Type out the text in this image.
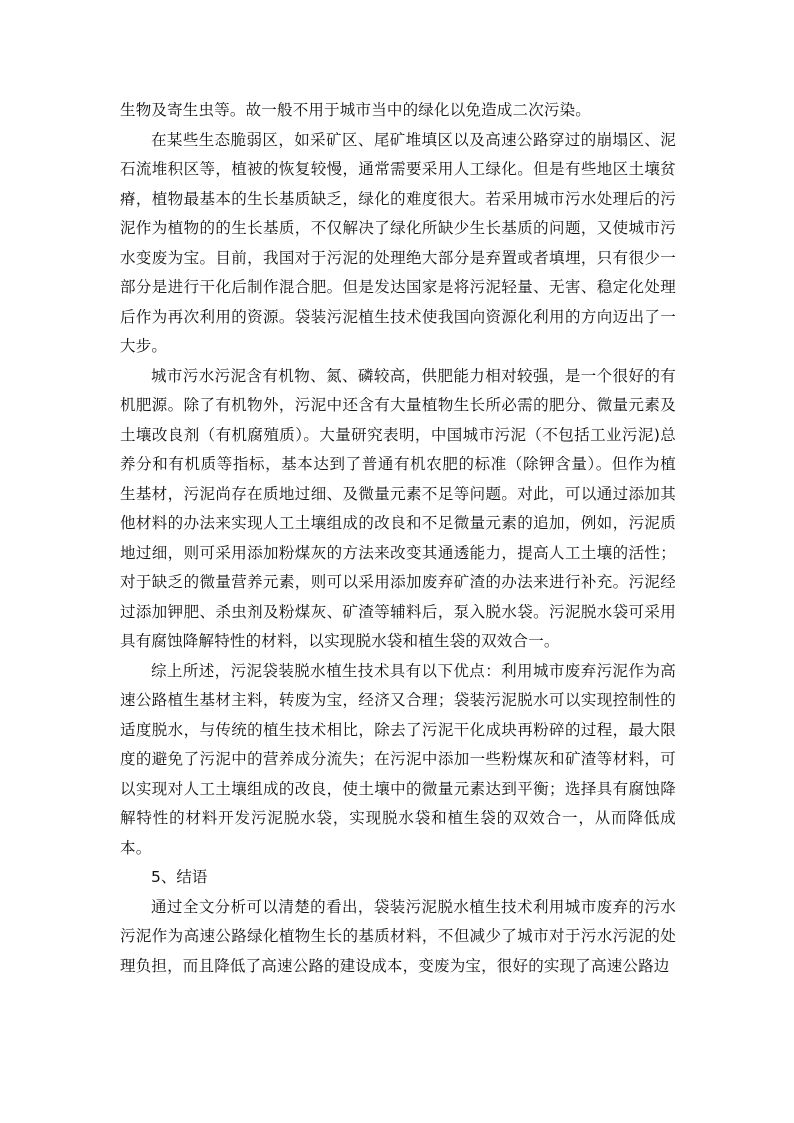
生物及寄生虫等。故一般不用于城市当中的绿化以免造成二次污染。

在某些生态脆弱区，如采矿区、尾矿堆填区以及高速公路穿过的崩塌区、泥石流堆积区等，植被的恢复较慢，通常需要采用人工绿化。但是有些地区土壤贫瘠，植物最基本的生长基质缺乏，绿化的难度很大。若采用城市污水处理后的污泥作为植物的的生长基质，不仅解决了绿化所缺少生长基质的问题，又使城市污水变废为宝。目前，我国对于污泥的处理绝大部分是弃置或者填埋，只有很少一部分是进行干化后制作混合肥。但是发达国家是将污泥轻量、无害、稳定化处理后作为再次利用的资源。袋装污泥植生技术使我国向资源化利用的方向迈出了一大步。

城市污水污泥含有机物、氮、磷较高，供肥能力相对较强，是一个很好的有机肥源。除了有机物外，污泥中还含有大量植物生长所必需的肥分、微量元素及土壤改良剂（有机腐殖质）。大量研究表明，中国城市污泥（不包括工业污泥)总养分和有机质等指标，基本达到了普通有机农肥的标准（除钾含量）。但作为植生基材，污泥尚存在质地过细、及微量元素不足等问题。对此，可以通过添加其他材料的办法来实现人工土壤组成的改良和不足微量元素的追加，例如，污泥质地过细，则可采用添加粉煤灰的方法来改变其通透能力，提高人工土壤的活性；对于缺乏的微量营养元素，则可以采用添加废弃矿渣的办法来进行补充。污泥经过添加钾肥、杀虫剂及粉煤灰、矿渣等辅料后，泵入脱水袋。污泥脱水袋可采用具有腐蚀降解特性的材料，以实现脱水袋和植生袋的双效合一。

综上所述，污泥袋装脱水植生技术具有以下优点：利用城市废弃污泥作为高速公路植生基材主料，转废为宝，经济又合理；袋装污泥脱水可以实现控制性的适度脱水，与传统的植生技术相比，除去了污泥干化成块再粉碎的过程，最大限度的避免了污泥中的营养成分流失；在污泥中添加一些粉煤灰和矿渣等材料，可以实现对人工土壤组成的改良，使土壤中的微量元素达到平衡；选择具有腐蚀降解特性的材料开发污泥脱水袋，实现脱水袋和植生袋的双效合一，从而降低成本。

5、结语

通过全文分析可以清楚的看出，袋装污泥脱水植生技术利用城市废弃的污水污泥作为高速公路绿化植物生长的基质材料，不但减少了城市对于污水污泥的处理负担，而且降低了高速公路的建设成本，变废为宝，很好的实现了高速公路边
